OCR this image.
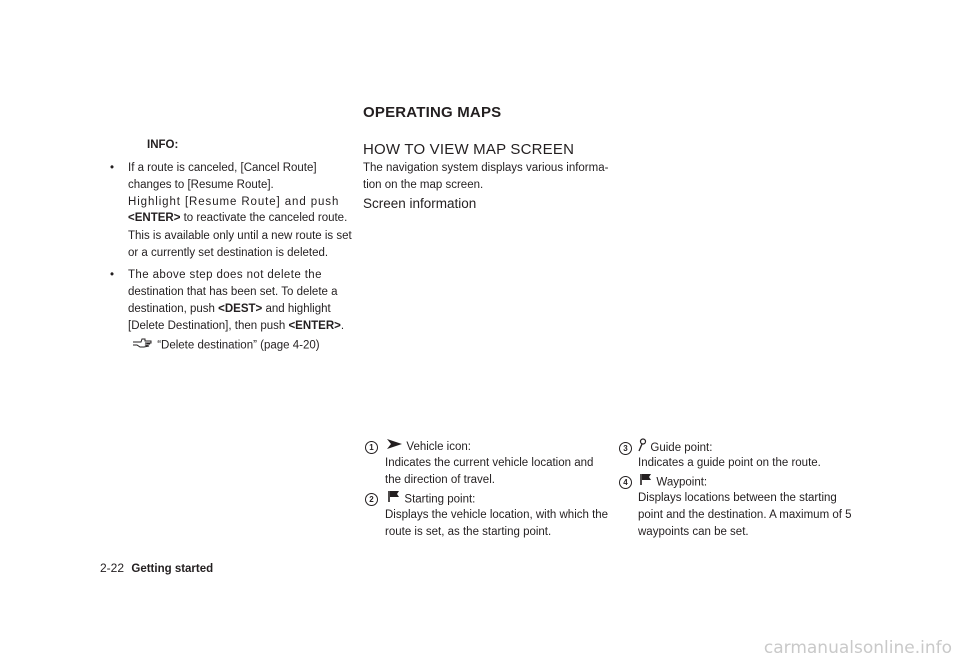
OPERATING MAPS
INFO:
• If a route is canceled, [Cancel Route]
changes to [Resume Route].
Highlight [Resume Route] and push
<ENTER> to reactivate the canceled route.
This is available only until a new route is set
or a currently set destination is deleted.
• The above step does not delete the
destination that has been set. To delete a
destination, push <DEST> and highlight
[Delete Destination], then push <ENTER>.
“Delete destination” (page 4-20)
HOW TO VIEW MAP SCREEN
The navigation system displays various informa-
tion on the map screen.
Screen information
1	Vehicle icon:
Indicates the current vehicle location and
the direction of travel.
2	Starting point:
Displays the vehicle location, with which the
route is set, as the starting point.
3 Guide point:
Indicates a guide point on the route.
4 Waypoint:
Displays locations between the starting
point and the destination. A maximum of 5
waypoints can be set.
2-22 Getting started
carmanualsonline.info
